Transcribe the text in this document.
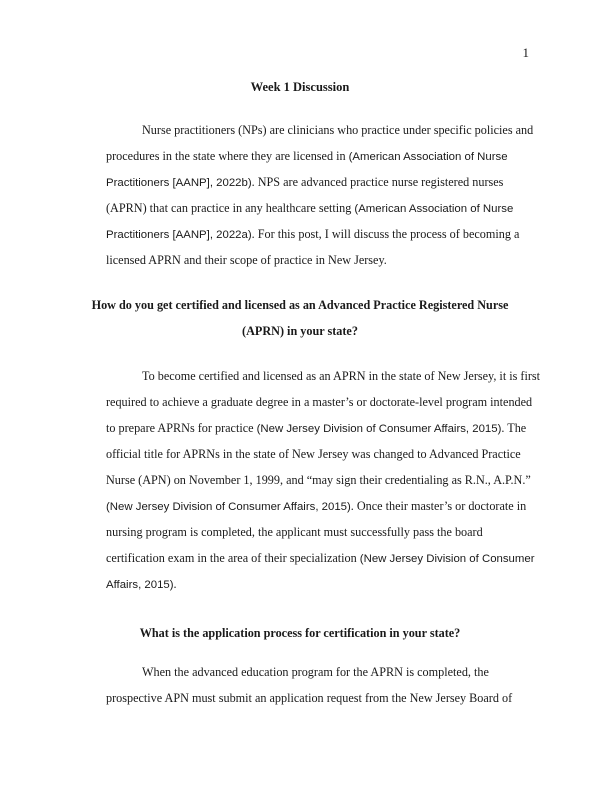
1
Week 1 Discussion
Nurse practitioners (NPs) are clinicians who practice under specific policies and
procedures in the state where they are licensed in (American Association of Nurse
Practitioners [AANP], 2022b). NPS are advanced practice nurse registered nurses
(APRN) that can practice in any healthcare setting (American Association of Nurse
Practitioners [AANP], 2022a). For this post, I will discuss the process of becoming a
licensed APRN and their scope of practice in New Jersey.
How do you get certified and licensed as an Advanced Practice Registered Nurse
(APRN) in your state?
To become certified and licensed as an APRN in the state of New Jersey, it is first
required to achieve a graduate degree in a master’s or doctorate-level program intended
to prepare APRNs for practice (New Jersey Division of Consumer Affairs, 2015). The
official title for APRNs in the state of New Jersey was changed to Advanced Practice
Nurse (APN) on November 1, 1999, and “may sign their credentialing as R.N., A.P.N.”
(New Jersey Division of Consumer Affairs, 2015). Once their master’s or doctorate in
nursing program is completed, the applicant must successfully pass the board
certification exam in the area of their specialization (New Jersey Division of Consumer
Affairs, 2015).
What is the application process for certification in your state?
When the advanced education program for the APRN is completed, the
prospective APN must submit an application request from the New Jersey Board of
